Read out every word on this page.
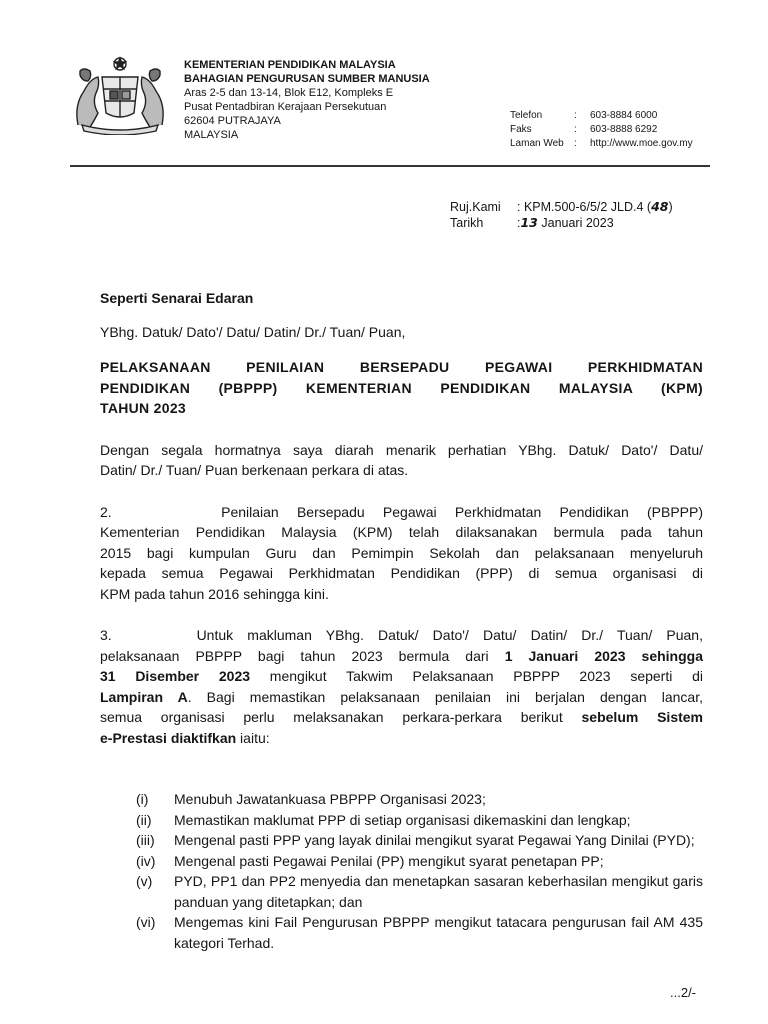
KEMENTERIAN PENDIDIKAN MALAYSIA
BAHAGIAN PENGURUSAN SUMBER MANUSIA
Aras 2-5 dan 13-14, Blok E12, Kompleks E
Pusat Pentadbiran Kerajaan Persekutuan
62604 PUTRAJAYA
MALAYSIA
Telefon	:	603-8884 6000
Faks	:	603-8888 6292
Laman Web	:	http://www.moe.gov.my
Ruj.Kami	: KPM.500-6/5/2 JLD.4 (48)
Tarikh	:13 Januari 2023

Seperti Senarai Edaran

YBhg. Datuk/ Dato'/ Datu/ Datin/ Dr./ Tuan/ Puan,

PELAKSANAAN PENILAIAN BERSEPADU PEGAWAI PERKHIDMATAN

PENDIDIKAN (PBPPP) KEMENTERIAN PENDIDIKAN MALAYSIA (KPM)

TAHUN 2023

Dengan segala hormatnya saya diarah menarik perhatian YBhg. Datuk/ Dato'/ Datu/

Datin/ Dr./ Tuan/ Puan berkenaan perkara di atas.

2.      Penilaian Bersepadu Pegawai Perkhidmatan Pendidikan (PBPPP)

Kementerian Pendidikan Malaysia (KPM) telah dilaksanakan bermula pada tahun

2015 bagi kumpulan Guru dan Pemimpin Sekolah dan pelaksanaan menyeluruh

kepada semua Pegawai Perkhidmatan Pendidikan (PPP) di semua organisasi di

KPM pada tahun 2016 sehingga kini.

3.      Untuk makluman YBhg. Datuk/ Dato'/ Datu/ Datin/ Dr./ Tuan/ Puan,

pelaksanaan PBPPP bagi tahun 2023 bermula dari 1 Januari 2023 sehingga

31 Disember 2023 mengikut Takwim Pelaksanaan PBPPP 2023 seperti di

Lampiran A. Bagi memastikan pelaksanaan penilaian ini berjalan dengan lancar,

semua organisasi perlu melaksanakan perkara-perkara berikut sebelum Sistem

e-Prestasi diaktifkan iaitu:

(i)	Menubuh Jawatankuasa PBPPP Organisasi 2023;
(ii)	Memastikan maklumat PPP di setiap organisasi dikemaskini dan lengkap;
(iii)	Mengenal pasti PPP yang layak dinilai mengikut syarat Pegawai Yang Dinilai (PYD);
(iv)	Mengenal pasti Pegawai Penilai (PP) mengikut syarat penetapan PP;
(v)	PYD, PP1 dan PP2 menyedia dan menetapkan sasaran keberhasilan mengikut garis panduan yang ditetapkan; dan
(vi)	Mengemas kini Fail Pengurusan PBPPP mengikut tatacara pengurusan fail AM 435 kategori Terhad.
...2/-
